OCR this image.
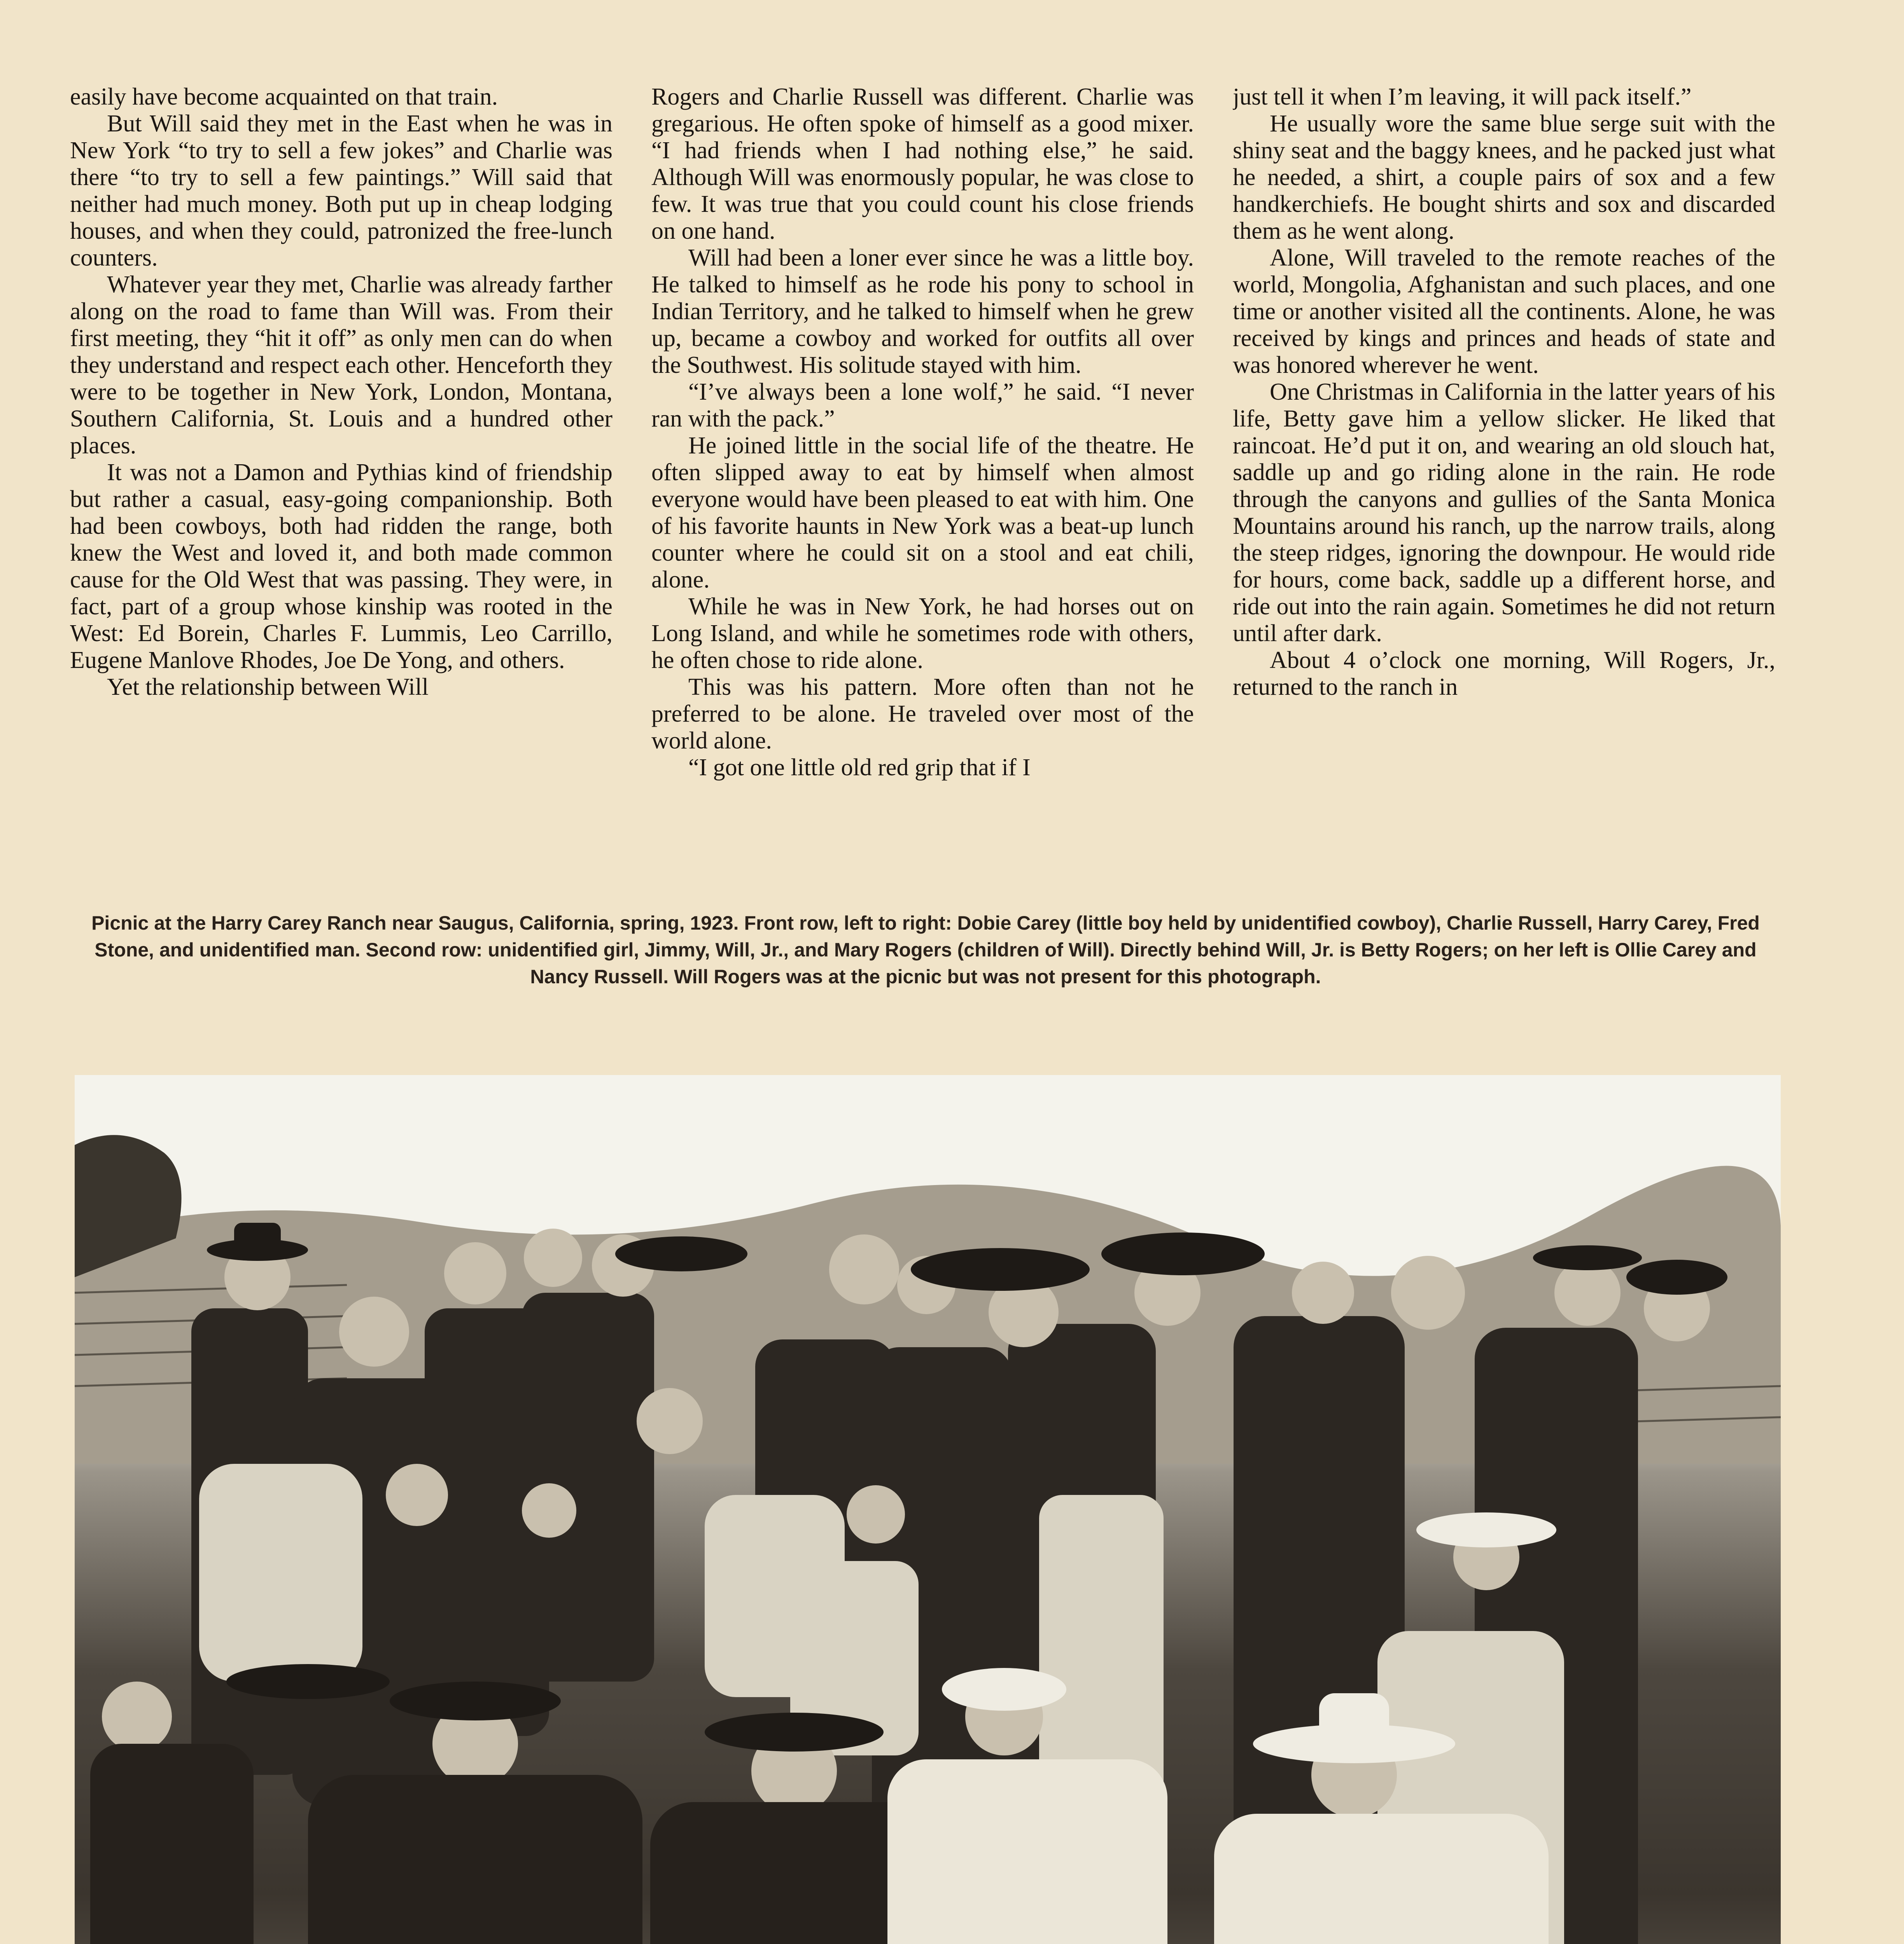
easily have become acquainted on that train.

But Will said they met in the East when he was in New York “to try to sell a few jokes” and Charlie was there “to try to sell a few paintings.” Will said that neither had much money. Both put up in cheap lodging houses, and when they could, patronized the free-lunch counters.

Whatever year they met, Charlie was already farther along on the road to fame than Will was. From their first meeting, they “hit it off” as only men can do when they understand and respect each other. Henceforth they were to be together in New York, London, Montana, Southern California, St. Louis and a hundred other places.

It was not a Damon and Pythias kind of friendship but rather a casual, easy-going companionship. Both had been cowboys, both had ridden the range, both knew the West and loved it, and both made common cause for the Old West that was passing. They were, in fact, part of a group whose kinship was rooted in the West: Ed Borein, Charles F. Lummis, Leo Carrillo, Eugene Manlove Rhodes, Joe De Yong, and others.

Yet the relationship between Will

Rogers and Charlie Russell was different. Charlie was gregarious. He often spoke of himself as a good mixer. “I had friends when I had nothing else,” he said. Although Will was enormously popular, he was close to few. It was true that you could count his close friends on one hand.

Will had been a loner ever since he was a little boy. He talked to himself as he rode his pony to school in Indian Territory, and he talked to himself when he grew up, became a cowboy and worked for outfits all over the Southwest. His solitude stayed with him.

“I’ve always been a lone wolf,” he said. “I never ran with the pack.”

He joined little in the social life of the theatre. He often slipped away to eat by himself when almost everyone would have been pleased to eat with him. One of his favorite haunts in New York was a beat-up lunch counter where he could sit on a stool and eat chili, alone.

While he was in New York, he had horses out on Long Island, and while he sometimes rode with others, he often chose to ride alone.

This was his pattern. More often than not he preferred to be alone. He traveled over most of the world alone.

“I got one little old red grip that if I

just tell it when I’m leaving, it will pack itself.”

He usually wore the same blue serge suit with the shiny seat and the baggy knees, and he packed just what he needed, a shirt, a couple pairs of sox and a few handkerchiefs. He bought shirts and sox and discarded them as he went along.

Alone, Will traveled to the remote reaches of the world, Mongolia, Afghanistan and such places, and one time or another visited all the continents. Alone, he was received by kings and princes and heads of state and was honored wherever he went.

One Christmas in California in the latter years of his life, Betty gave him a yellow slicker. He liked that raincoat. He’d put it on, and wearing an old slouch hat, saddle up and go riding alone in the rain. He rode through the canyons and gullies of the Santa Monica Mountains around his ranch, up the narrow trails, along the steep ridges, ignoring the downpour. He would ride for hours, come back, saddle up a different horse, and ride out into the rain again. Sometimes he did not return until after dark.

About 4 o’clock one morning, Will Rogers, Jr., returned to the ranch in

Picnic at the Harry Carey Ranch near Saugus, California, spring, 1923. Front row, left to right: Dobie Carey (little boy held by unidentified cowboy), Charlie Russell, Harry Carey, Fred Stone, and unidentified man. Second row: unidentified girl, Jimmy, Will, Jr., and Mary Rogers (children of Will). Directly behind Will, Jr. is Betty Rogers; on her left is Ollie Carey and Nancy Russell. Will Rogers was at the picnic but was not present for this photograph.
